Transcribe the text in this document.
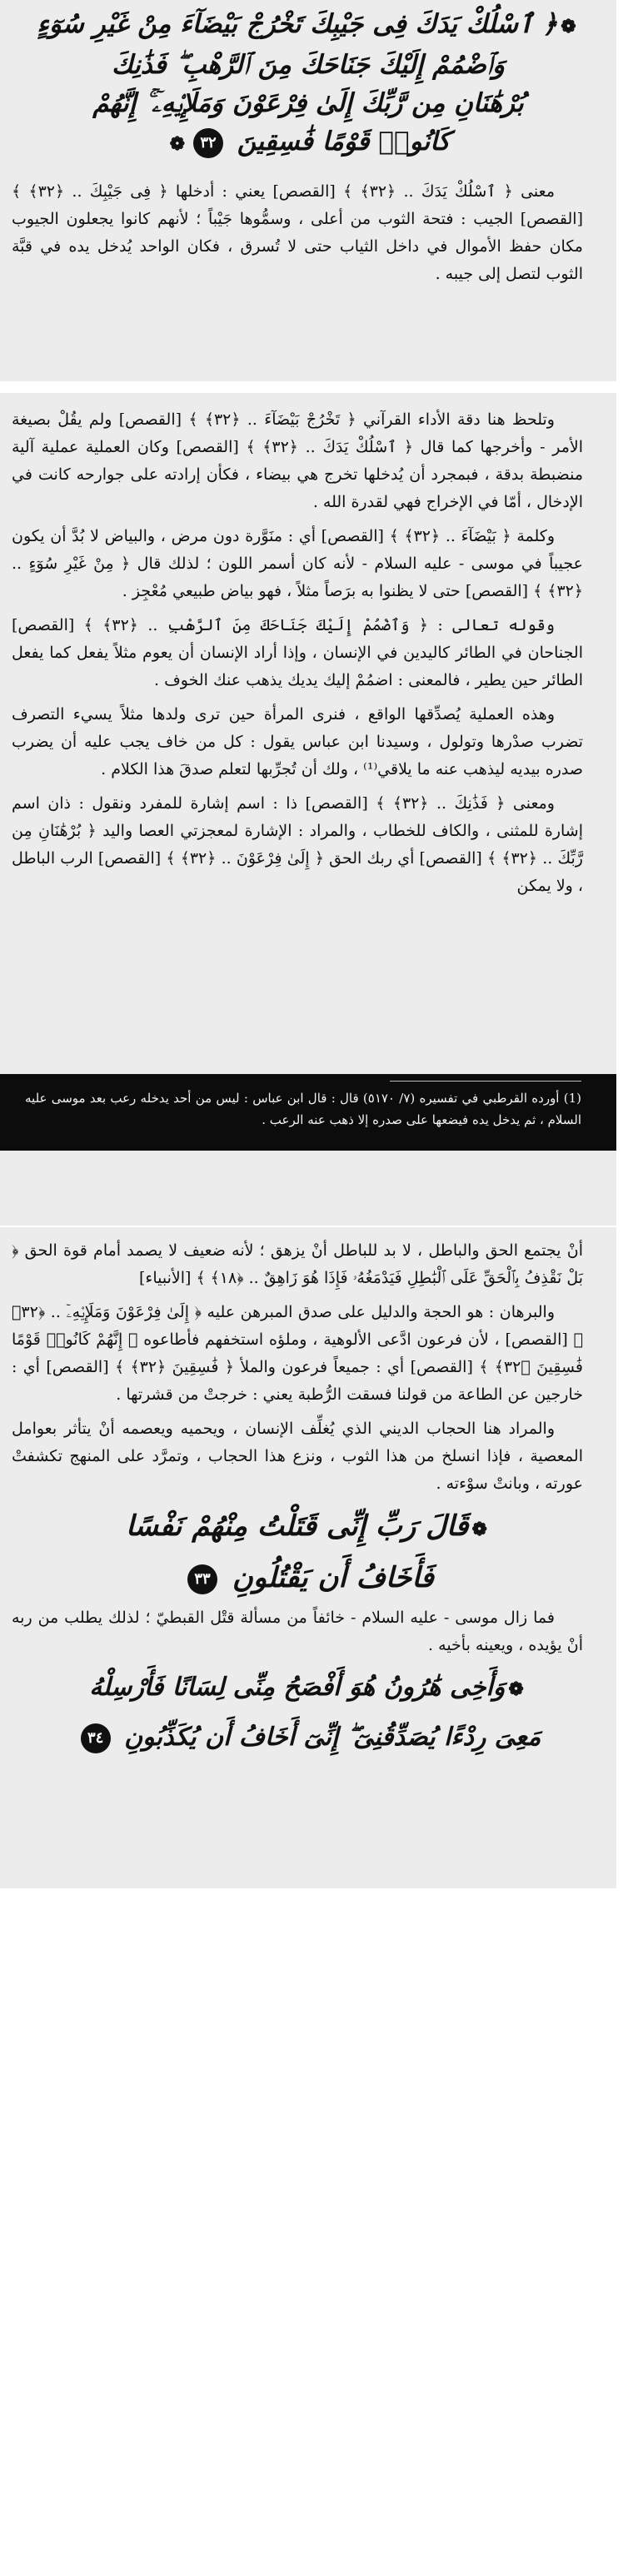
❁﴿ ٱسْلُكْ يَدَكَ فِى جَيْبِكَ تَخْرُجْ بَيْضَآءَ مِنْ غَيْرِ سُوٓءٍ
وَٱضْمُمْ إِلَيْكَ جَنَاحَكَ مِنَ ٱلرَّهْبِ ۖ فَذَٰنِكَ
بُرْهَٰنَانِ مِن رَّبِّكَ إِلَىٰ فِرْعَوْنَ وَمَلَإِي۟هِۦٓ ۚ إِنَّهُمْ
كَانُوا۟ قَوْمًا فَٰسِقِينَ ٣٢❁

معنى ﴿ ٱسْلُكْ يَدَكَ .. ﴿٣٢﴾ ﴾ [القصص] يعني : أدخلها ﴿ فِى جَيْبِكَ .. ﴿٣٢﴾ ﴾ [القصص] الجيب : فتحة الثوب من أعلى ، وسمُّوها جَيْباً ؛ لأنهم كانوا يجعلون الجيوب مكان حفظ الأموال في داخل الثياب حتى لا تُسرق ، فكان الواحد يُدخل يده في قبَّة الثوب لتصل إلى جيبه .

وتلحظ هنا دقة الأداء القرآني ﴿ تَخْرُجْ بَيْضَآءَ .. ﴿٣٢﴾ ﴾ [القصص] ولم يقُلْ بصيغة الأمر - وأخرجها كما قال ﴿ ٱسْلُكْ يَدَكَ .. ﴿٣٢﴾ ﴾ [القصص] وكان العملية عملية آلية منضبطة بدقة ، فبمجرد أن يُدخلها تخرج هي بيضاء ، فكأن إرادته على جوارحه كانت في الإدخال ، أمّا في الإخراج فهي لقدرة الله .

وكلمة ﴿ بَيْضَآءَ .. ﴿٣٢﴾ ﴾ [القصص] أي : منَوَّرة دون مرض ، والبياض لا بُدَّ أن يكون عجيباً في موسى - عليه السلام - لأنه كان أسمر اللون ؛ لذلك قال ﴿ مِنْ غَيْرِ سُوٓءٍ .. ﴿٣٢﴾ ﴾ [القصص] حتى لا يظنوا به برَصاً مثلاً ، فهو بياض طبيعي مُعْجِز .

وقوله تعالى : ﴿ وَٱضْمُمْ إِلَيْكَ جَنَاحَكَ مِنَ ٱلرَّهْبِ .. ﴿٣٢﴾ ﴾ [القصص] الجناحان في الطائر كاليدين في الإنسان ، وإذا أراد الإنسان أن يعوم مثلاً يفعل كما يفعل الطائر حين يطير ، فالمعنى : اضمُمْ إليك يديك يذهب عنك الخوف .

وهذه العملية يُصدِّقها الواقع ، فنرى المرأة حين ترى ولدها مثلاً يسيء التصرف تضرب صدْرها وتولول ، وسيدنا ابن عباس يقول : كل من خاف يجب عليه أن يضرب صدره بيديه ليذهب عنه ما يلاقي⁽¹⁾ ، ولك أن تُجرِّبها لتعلم صدقَ هذا الكلام .

ومعنى ﴿ فَذَٰنِكَ .. ﴿٣٢﴾ ﴾ [القصص] ذا : اسم إشارة للمفرد ونقول : ذان اسم إشارة للمثنى ، والكاف للخطاب ، والمراد : الإشارة لمعجزتي العصا واليد ﴿ بُرْهَٰنَانِ مِن رَّبِّكَ .. ﴿٣٢﴾ ﴾ [القصص] أي ربك الحق ﴿ إِلَىٰ فِرْعَوْنَ .. ﴿٣٢﴾ ﴾ [القصص] الرب الباطل ، ولا يمكن

(1) أورده القرطبي في تفسيره (٧/ ٥١٧٠) قال : قال ابن عباس : ليس من أحد يدخله رعب بعد موسى عليه السلام ، ثم يدخل يده فيضعها على صدره إلا ذهب عنه الرعب .

أنْ يجتمع الحق والباطل ، لا بد للباطل أنْ يزهق ؛ لأنه ضعيف لا يصمد أمام قوة الحق ﴿ بَلْ نَقْذِفُ بِٱلْحَقِّ عَلَى ٱلْبَٰطِلِ فَيَدْمَغُهُۥ فَإِذَا هُوَ زَاهِقٌ .. ﴿١٨﴾ ﴾ [الأنبياء]

والبرهان : هو الحجة والدليل على صدق المبرهن عليه ﴿ إِلَىٰ فِرْعَوْنَ وَمَلَإِي۟هِۦٓ .. ﴿٣٢﴾ ﴾ [القصص] ، لأن فرعون ادَّعى الألوهية ، وملؤه استخفهم فأطاعوه ﴿ إِنَّهُمْ كَانُوا۟ قَوْمًا فَٰسِقِينَ ﴿٣٢﴾ ﴾ [القصص] أي : جميعاً فرعون والملأ ﴿ فَٰسِقِينَ ﴿٣٢﴾ ﴾ [القصص] أي : خارجين عن الطاعة من قولنا فسقت الرُّطبة يعني : خرجتْ من قشرتها .

والمراد هنا الحجاب الديني الذي يُغلِّف الإنسان ، ويحميه ويعصمه أنْ يتأثر بعوامل المعصية ، فإذا انسلخ من هذا الثوب ، ونزع هذا الحجاب ، وتمرَّد على المنهج تكشفتْ عورته ، وبانتْ سوْءته .

❁قَالَ رَبِّ إِنِّى قَتَلْتُ مِنْهُمْ نَفْسًا
فَأَخَافُ أَن يَقْتُلُونِ ٣٣

فما زال موسى - عليه السلام - خائفاً من مسألة قتْل القبطيّ ؛ لذلك يطلب من ربه أنْ يؤيده ، ويعينه بأخيه .

❁وَأَخِى هَٰرُونُ هُوَ أَفْصَحُ مِنِّى لِسَانًا فَأَرْسِلْهُ
مَعِىَ رِدْءًا يُصَدِّقُنِىٓ ۖ إِنِّىٓ أَخَافُ أَن يُكَذِّبُونِ ٣٤
